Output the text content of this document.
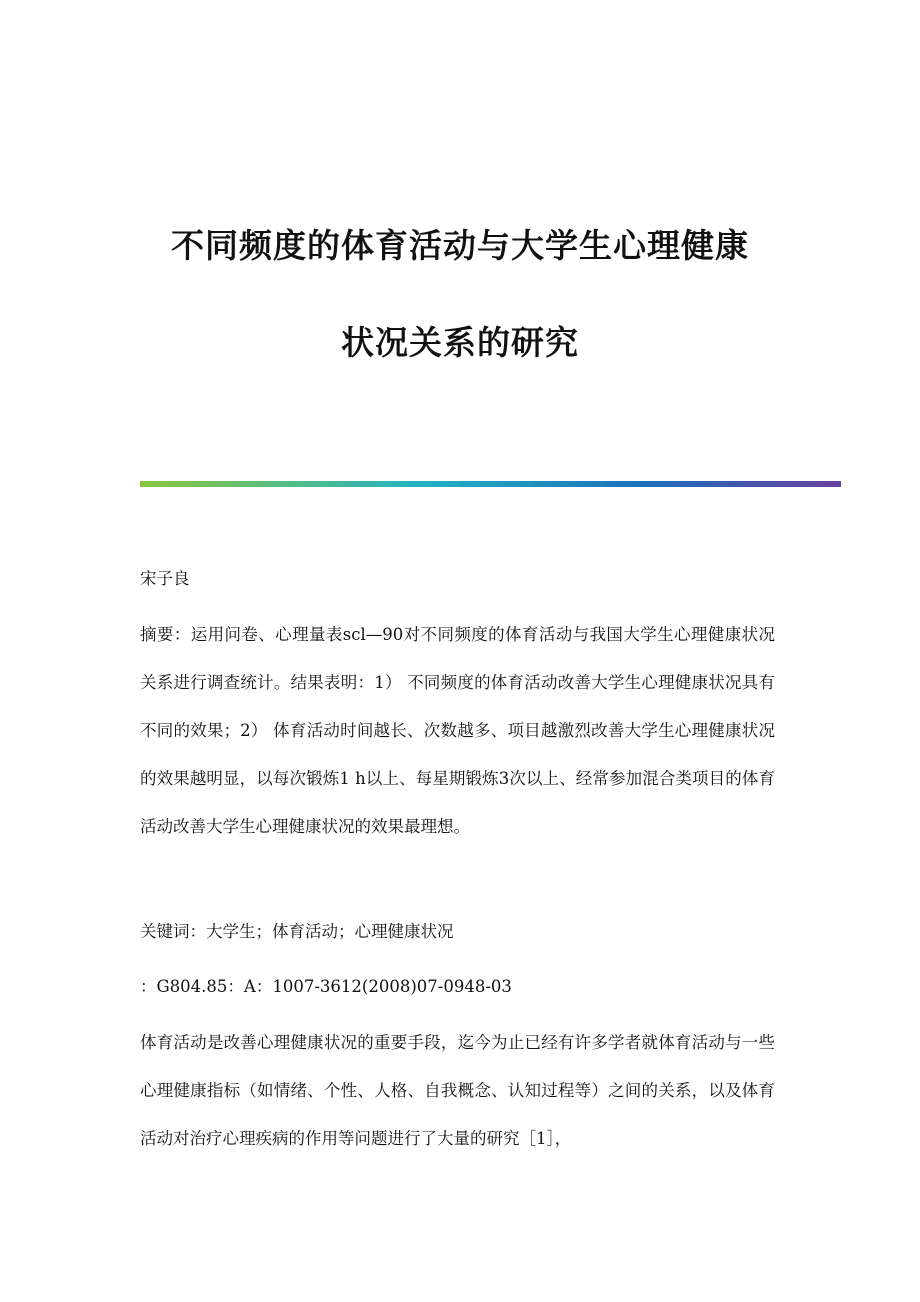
不同频度的体育活动与大学生心理健康
状况关系的研究

宋子良

摘要：运用问卷、心理量表scl—90对不同频度的体育活动与我国大学生心理健康状况关系进行调查统计。结果表明：1） 不同频度的体育活动改善大学生心理健康状况具有不同的效果；2） 体育活动时间越长、次数越多、项目越激烈改善大学生心理健康状况的效果越明显，以每次锻炼1 h以上、每星期锻炼3次以上、经常参加混合类项目的体育活动改善大学生心理健康状况的效果最理想。

关键词：大学生；体育活动；心理健康状况

：G804.85：A：1007-3612(2008)07-0948-03

体育活动是改善心理健康状况的重要手段，迄今为止已经有许多学者就体育活动与一些心理健康指标（如情绪、个性、人格、自我概念、认知过程等）之间的关系，以及体育活动对治疗心理疾病的作用等问题进行了大量的研究［1］，
